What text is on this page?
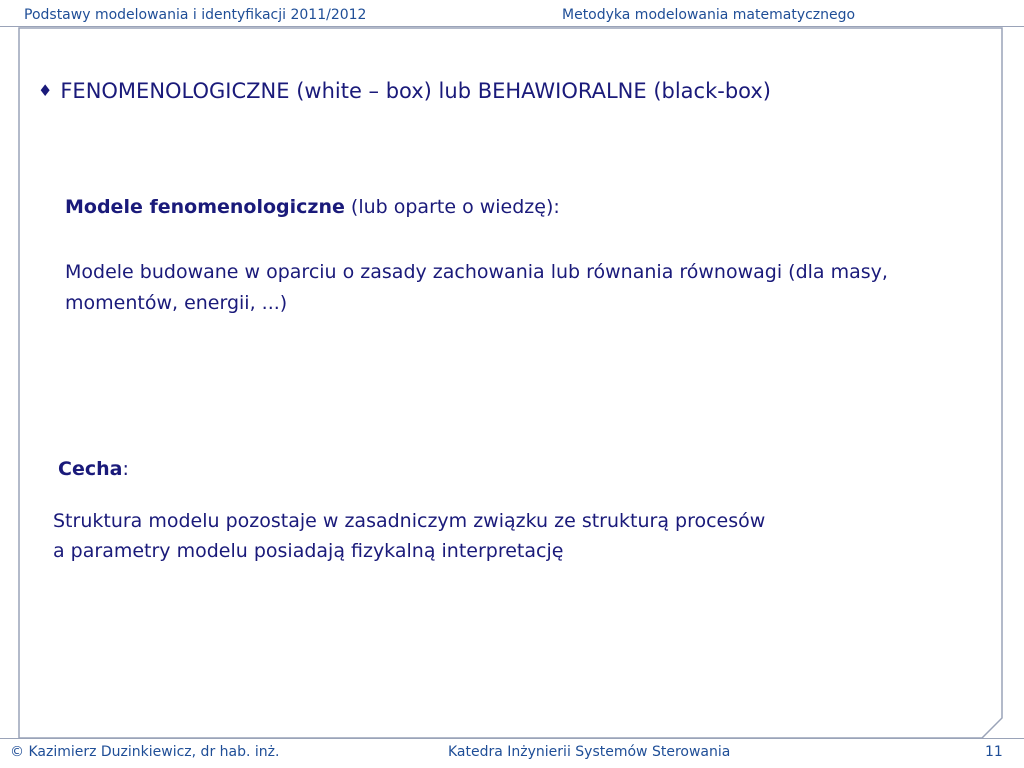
Podstawy modelowania i identyfikacji 2011/2012	Metodyka modelowania matematycznego
♦ FENOMENOLOGICZNE (white – box) lub BEHAWIORALNE (black-box)
Modele fenomenologiczne (lub oparte o wiedzę):
Modele budowane w oparciu o zasady zachowania lub równania równowagi (dla masy, momentów, energii, ...)
Cecha:
Struktura modelu pozostaje w zasadniczym związku ze strukturą procesów
a parametry modelu posiadają fizykalną interpretację
© Kazimierz Duzinkiewicz, dr hab. inż.	Katedra Inżynierii Systemów Sterowania	11
